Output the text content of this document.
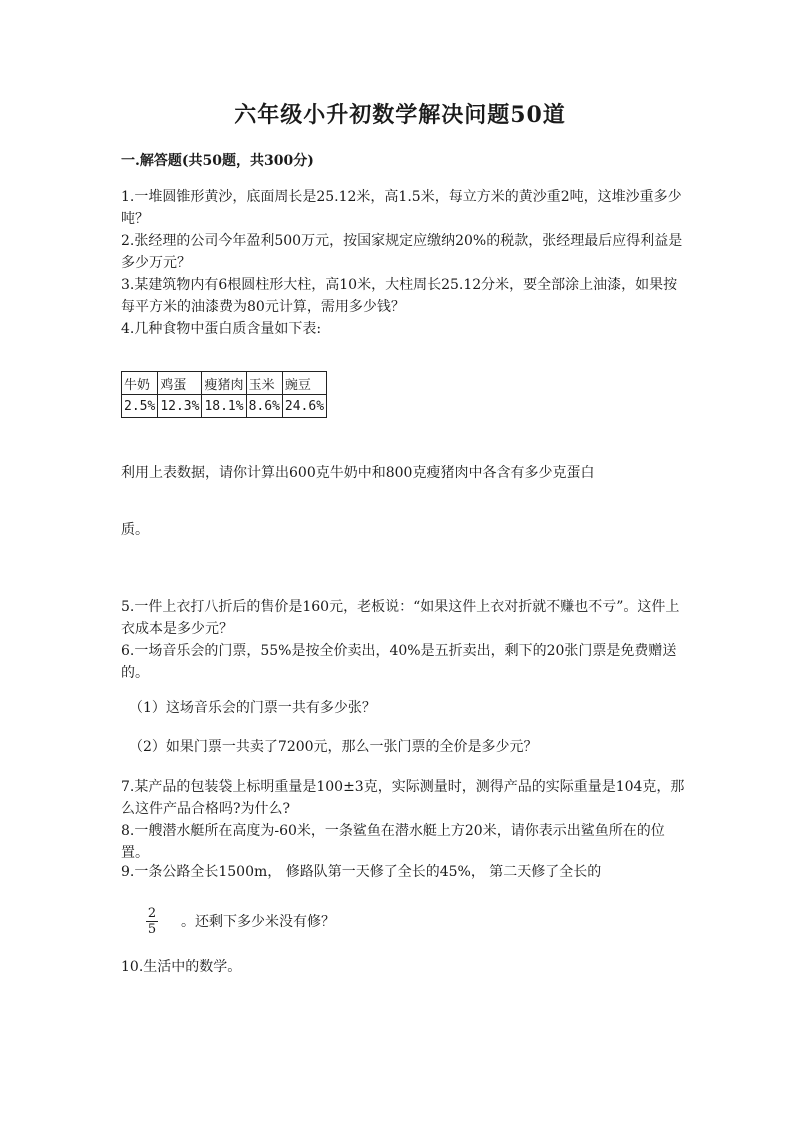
六年级小升初数学解决问题50道
一.解答题(共50题，共300分)
1.一堆圆锥形黄沙，底面周长是25.12米，高1.5米，每立方米的黄沙重2吨，这堆沙重多少吨？
2.张经理的公司今年盈利500万元，按国家规定应缴纳20%的税款，张经理最后应得利益是多少万元？
3.某建筑物内有6根圆柱形大柱，高10米，大柱周长25.12分米，要全部涂上油漆，如果按每平方米的油漆费为80元计算，需用多少钱？
4.几种食物中蛋白质含量如下表:
牛奶	鸡蛋	瘦猪肉	玉米	豌豆
2.5%	12.3%	18.1%	8.6%	24.6%
利用上表数据，请你计算出600克牛奶中和800克瘦猪肉中各含有多少克蛋白
质。
5.一件上衣打八折后的售价是160元，老板说：“如果这件上衣对折就不赚也不亏”。这件上衣成本是多少元？
6.一场音乐会的门票，55%是按全价卖出，40%是五折卖出，剩下的20张门票是免费赠送的。
（1）这场音乐会的门票一共有多少张？
（2）如果门票一共卖了7200元，那么一张门票的全价是多少元？
7.某产品的包装袋上标明重量是100±3克，实际测量时，测得产品的实际重量是104克，那么这件产品合格吗?为什么?
8.一艘潜水艇所在高度为-60米，一条鲨鱼在潜水艇上方20米，请你表示出鲨鱼所在的位置。
9.一条公路全长1500m， 修路队第一天修了全长的45%， 第二天修了全长的
2
5 。还剩下多少米没有修？
10.生活中的数学。
